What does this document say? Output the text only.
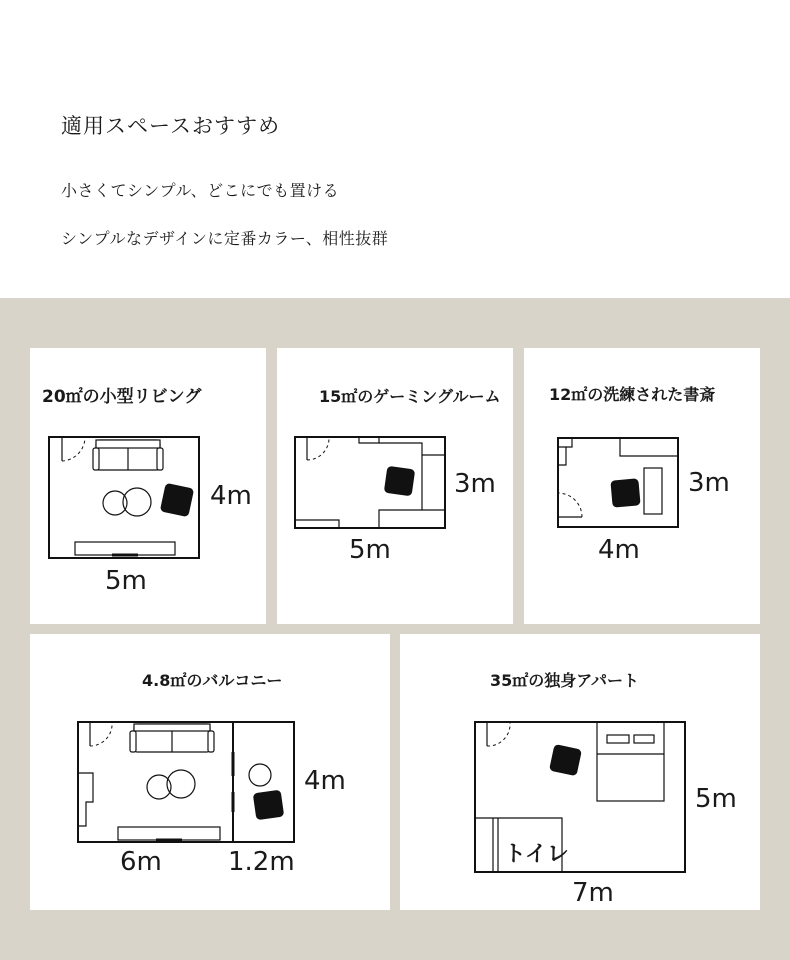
適用スペースおすすめ
小さくてシンプル、どこにでも置ける
シンプルなデザインに定番カラー、相性抜群
20㎡の小型リビング
4m
5m
15㎡のゲーミングルーム
3m
5m
12㎡の洗練された書斎
3m
4m
4.8㎡のバルコニー
4m
6m	1.2m
35㎡の独身アパート
トイレ
5m
7m
